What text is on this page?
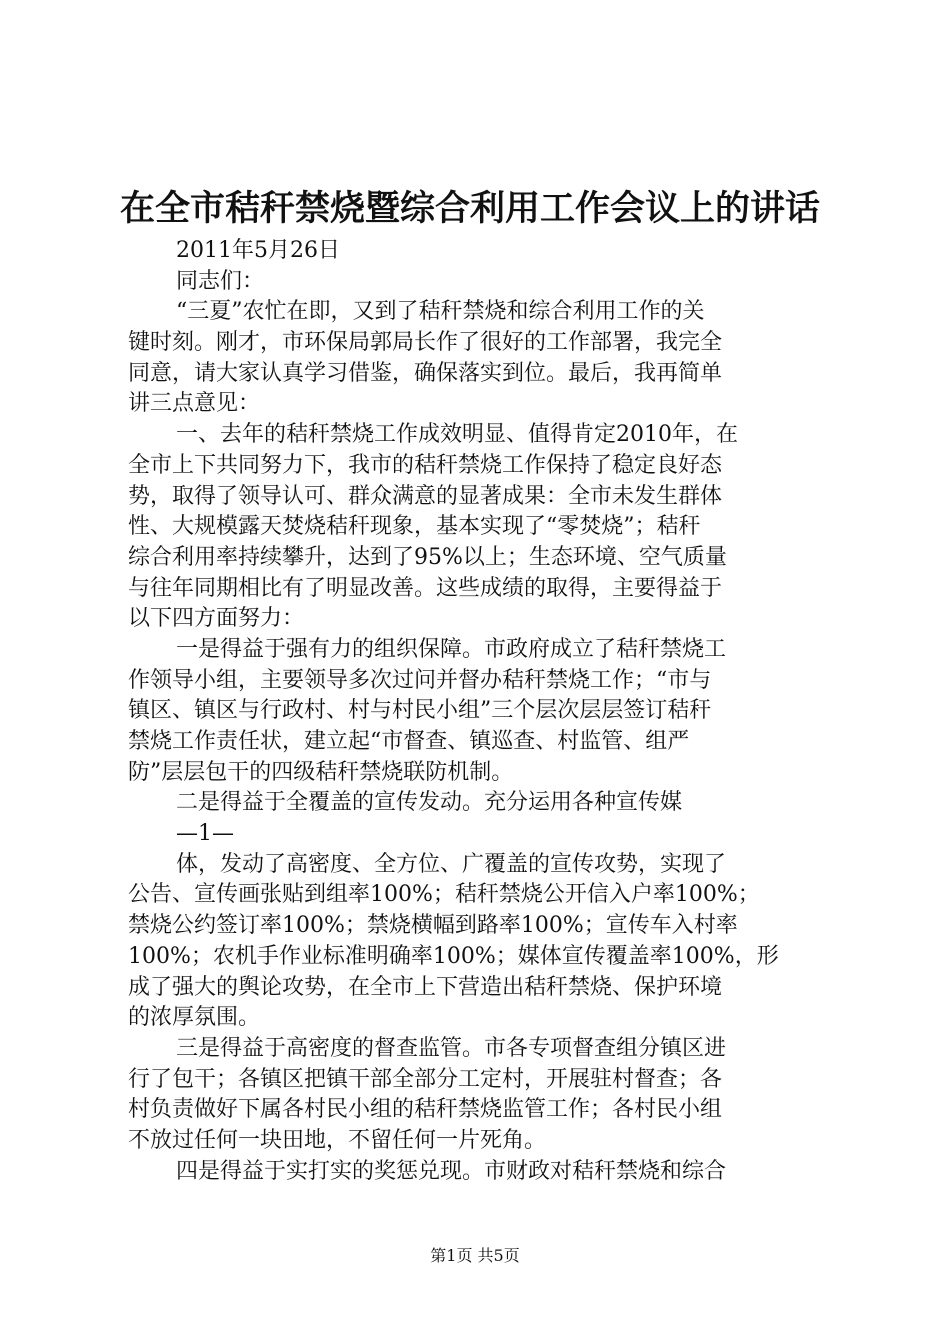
在全市秸秆禁烧暨综合利用工作会议上的讲话
2011年5月26日
同志们：
“三夏”农忙在即，又到了秸秆禁烧和综合利用工作的关
键时刻。刚才，市环保局郭局长作了很好的工作部署，我完全
同意，请大家认真学习借鉴，确保落实到位。最后，我再简单
讲三点意见：
一、去年的秸秆禁烧工作成效明显、值得肯定2010年，在
全市上下共同努力下，我市的秸秆禁烧工作保持了稳定良好态
势，取得了领导认可、群众满意的显著成果：全市未发生群体
性、大规模露天焚烧秸秆现象，基本实现了“零焚烧”；秸秆
综合利用率持续攀升，达到了95%以上；生态环境、空气质量
与往年同期相比有了明显改善。这些成绩的取得，主要得益于
以下四方面努力：
一是得益于强有力的组织保障。市政府成立了秸秆禁烧工
作领导小组，主要领导多次过问并督办秸秆禁烧工作；“市与
镇区、镇区与行政村、村与村民小组”三个层次层层签订秸秆
禁烧工作责任状，建立起“市督查、镇巡查、村监管、组严
防”层层包干的四级秸秆禁烧联防机制。
二是得益于全覆盖的宣传发动。充分运用各种宣传媒
—1—
体，发动了高密度、全方位、广覆盖的宣传攻势，实现了
公告、宣传画张贴到组率100%；秸秆禁烧公开信入户率100%；
禁烧公约签订率100%；禁烧横幅到路率100%；宣传车入村率
100%；农机手作业标准明确率100%；媒体宣传覆盖率100%，形
成了强大的舆论攻势，在全市上下营造出秸秆禁烧、保护环境
的浓厚氛围。
三是得益于高密度的督查监管。市各专项督查组分镇区进
行了包干；各镇区把镇干部全部分工定村，开展驻村督查；各
村负责做好下属各村民小组的秸秆禁烧监管工作；各村民小组
不放过任何一块田地，不留任何一片死角。
四是得益于实打实的奖惩兑现。市财政对秸秆禁烧和综合
第1页 共5页
